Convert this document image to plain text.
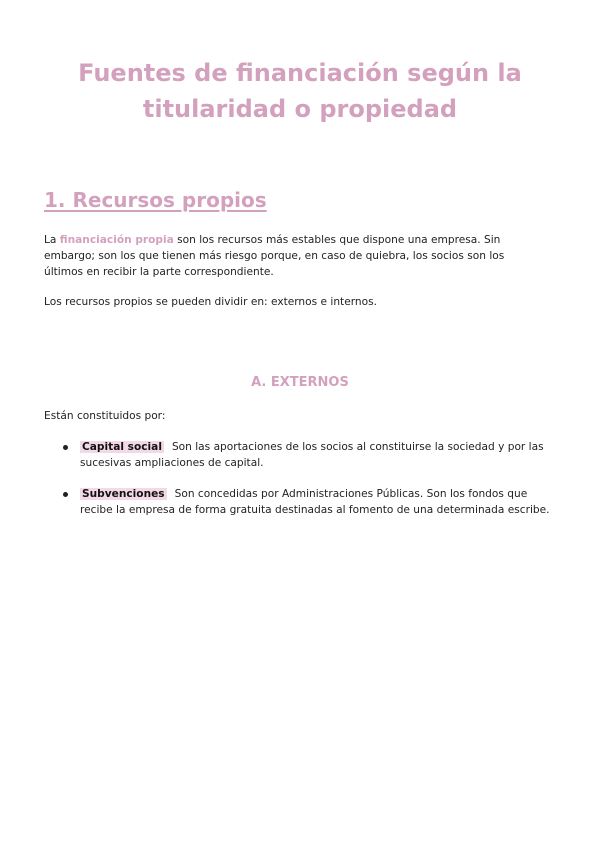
Fuentes de financiación según la
titularidad o propiedad
1. Recursos propios

La financiación propia son los recursos más estables que dispone una empresa. Sin embargo; son los que tienen más riesgo porque, en caso de quiebra, los socios son los últimos en recibir la parte correspondiente.

Los recursos propios se pueden dividir en: externos e internos.

A. EXTERNOS

Están constituidos por:

Capital social Son las aportaciones de los socios al constituirse la sociedad y por las sucesivas ampliaciones de capital.
Subvenciones Son concedidas por Administraciones Públicas. Son los fondos que recibe la empresa de forma gratuita destinadas al fomento de una determinada escribe.
